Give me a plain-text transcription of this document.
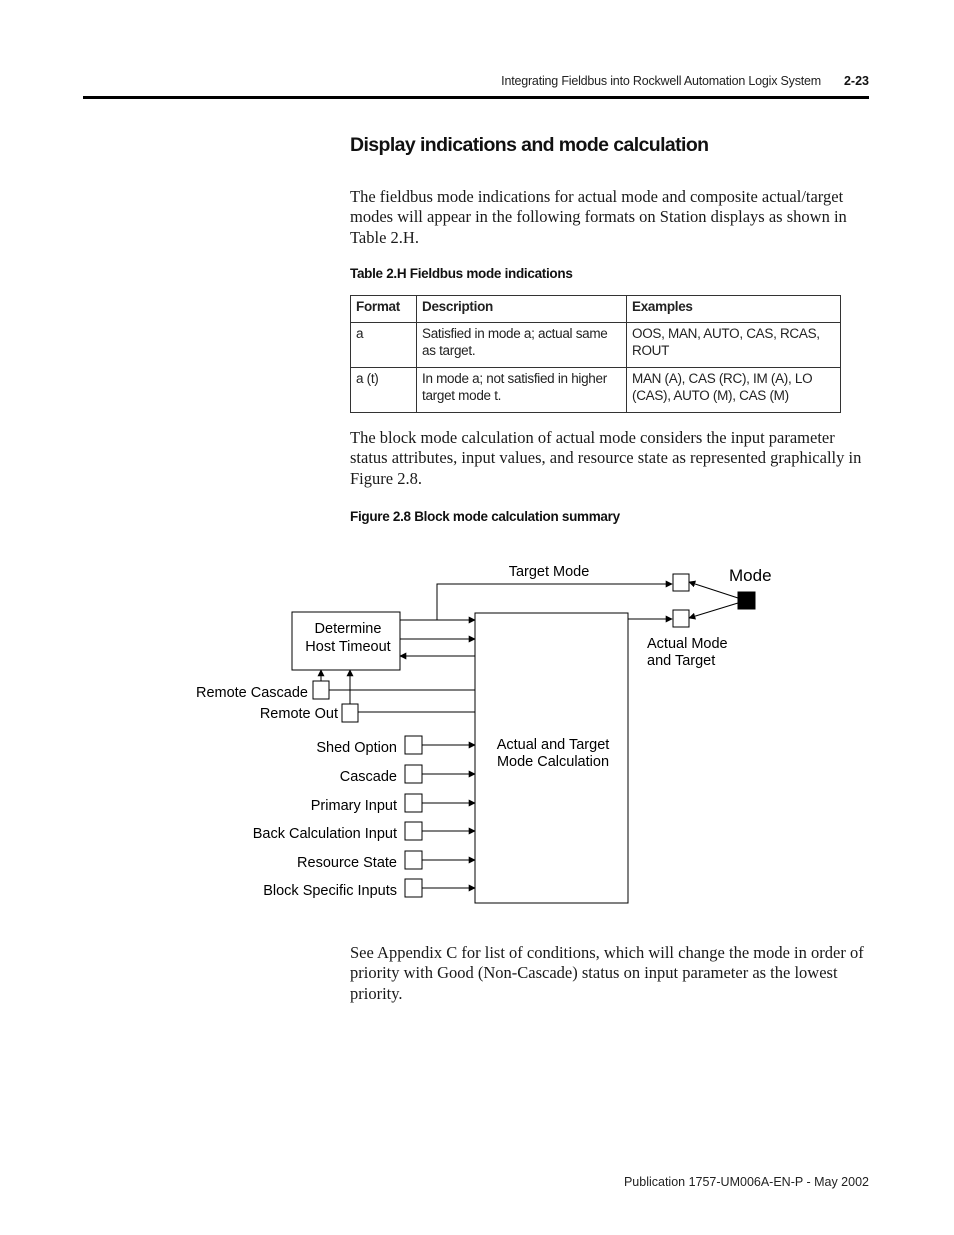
Integrating Fieldbus into Rockwell Automation Logix System 2-23
Display indications and mode calculation

The fieldbus mode indications for actual mode and composite actual/target modes will appear in the following formats on Station displays as shown in Table 2.H.

Table 2.H Fieldbus mode indications
Format	Description	Examples
a	Satisfied in mode a; actual same as target.	OOS, MAN, AUTO, CAS, RCAS, ROUT
a (t)	In mode a; not satisfied in higher target mode t.	MAN (A), CAS (RC), IM (A), LO (CAS), AUTO (M), CAS (M)

The block mode calculation of actual mode considers the input parameter status attributes, input values, and resource state as represented graphically in Figure 2.8.

Figure 2.8 Block mode calculation summary
Actual and Target
Mode Calculation
Determine
Host Timeout
Target Mode
Actual Mode
and Target
Mode
Remote Cascade
Remote Out
Shed Option
Cascade
Primary Input
Back Calculation Input
Resource State
Block Specific Inputs

See Appendix C for list of conditions, which will change the mode in order of priority with Good (Non-Cascade) status on input parameter as the lowest priority.

Publication 1757-UM006A-EN-P - May 2002
